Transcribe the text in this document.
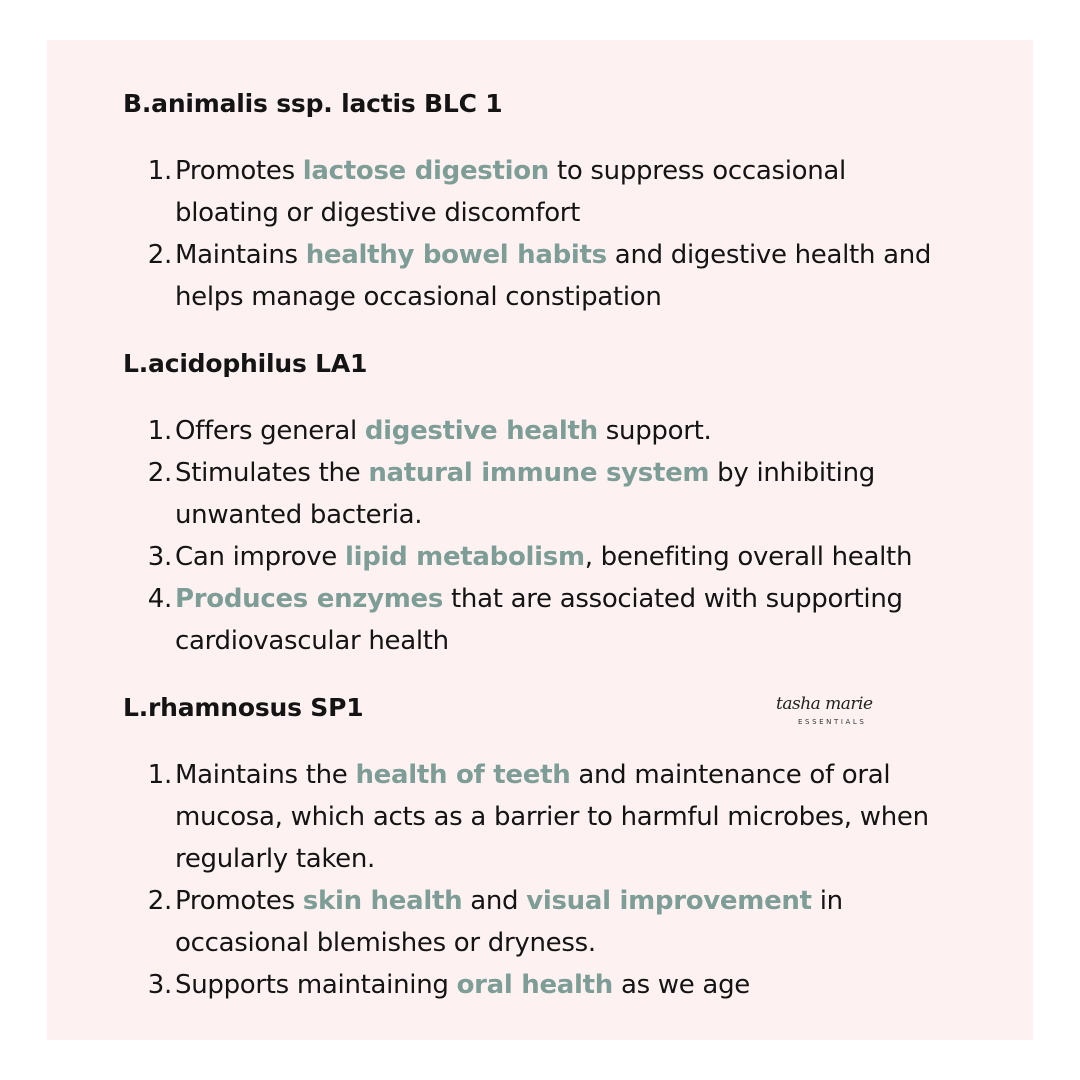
B.animalis ssp. lactis BLC 1
1. Promotes lactose digestion to suppress occasional
bloating or digestive discomfort
2. Maintains healthy bowel habits and digestive health and
helps manage occasional constipation
L.acidophilus LA1
1. Offers general digestive health support.
2. Stimulates the natural immune system by inhibiting
unwanted bacteria.
3. Can improve lipid metabolism, benefiting overall health
4. Produces enzymes that are associated with supporting
cardiovascular health
L.rhamnosus SP1
1. Maintains the health of teeth and maintenance of oral
mucosa, which acts as a barrier to harmful microbes, when
regularly taken.
2. Promotes skin health and visual improvement in
occasional blemishes or dryness.
3. Supports maintaining oral health as we age
tasha marie
ESSENTIALS
